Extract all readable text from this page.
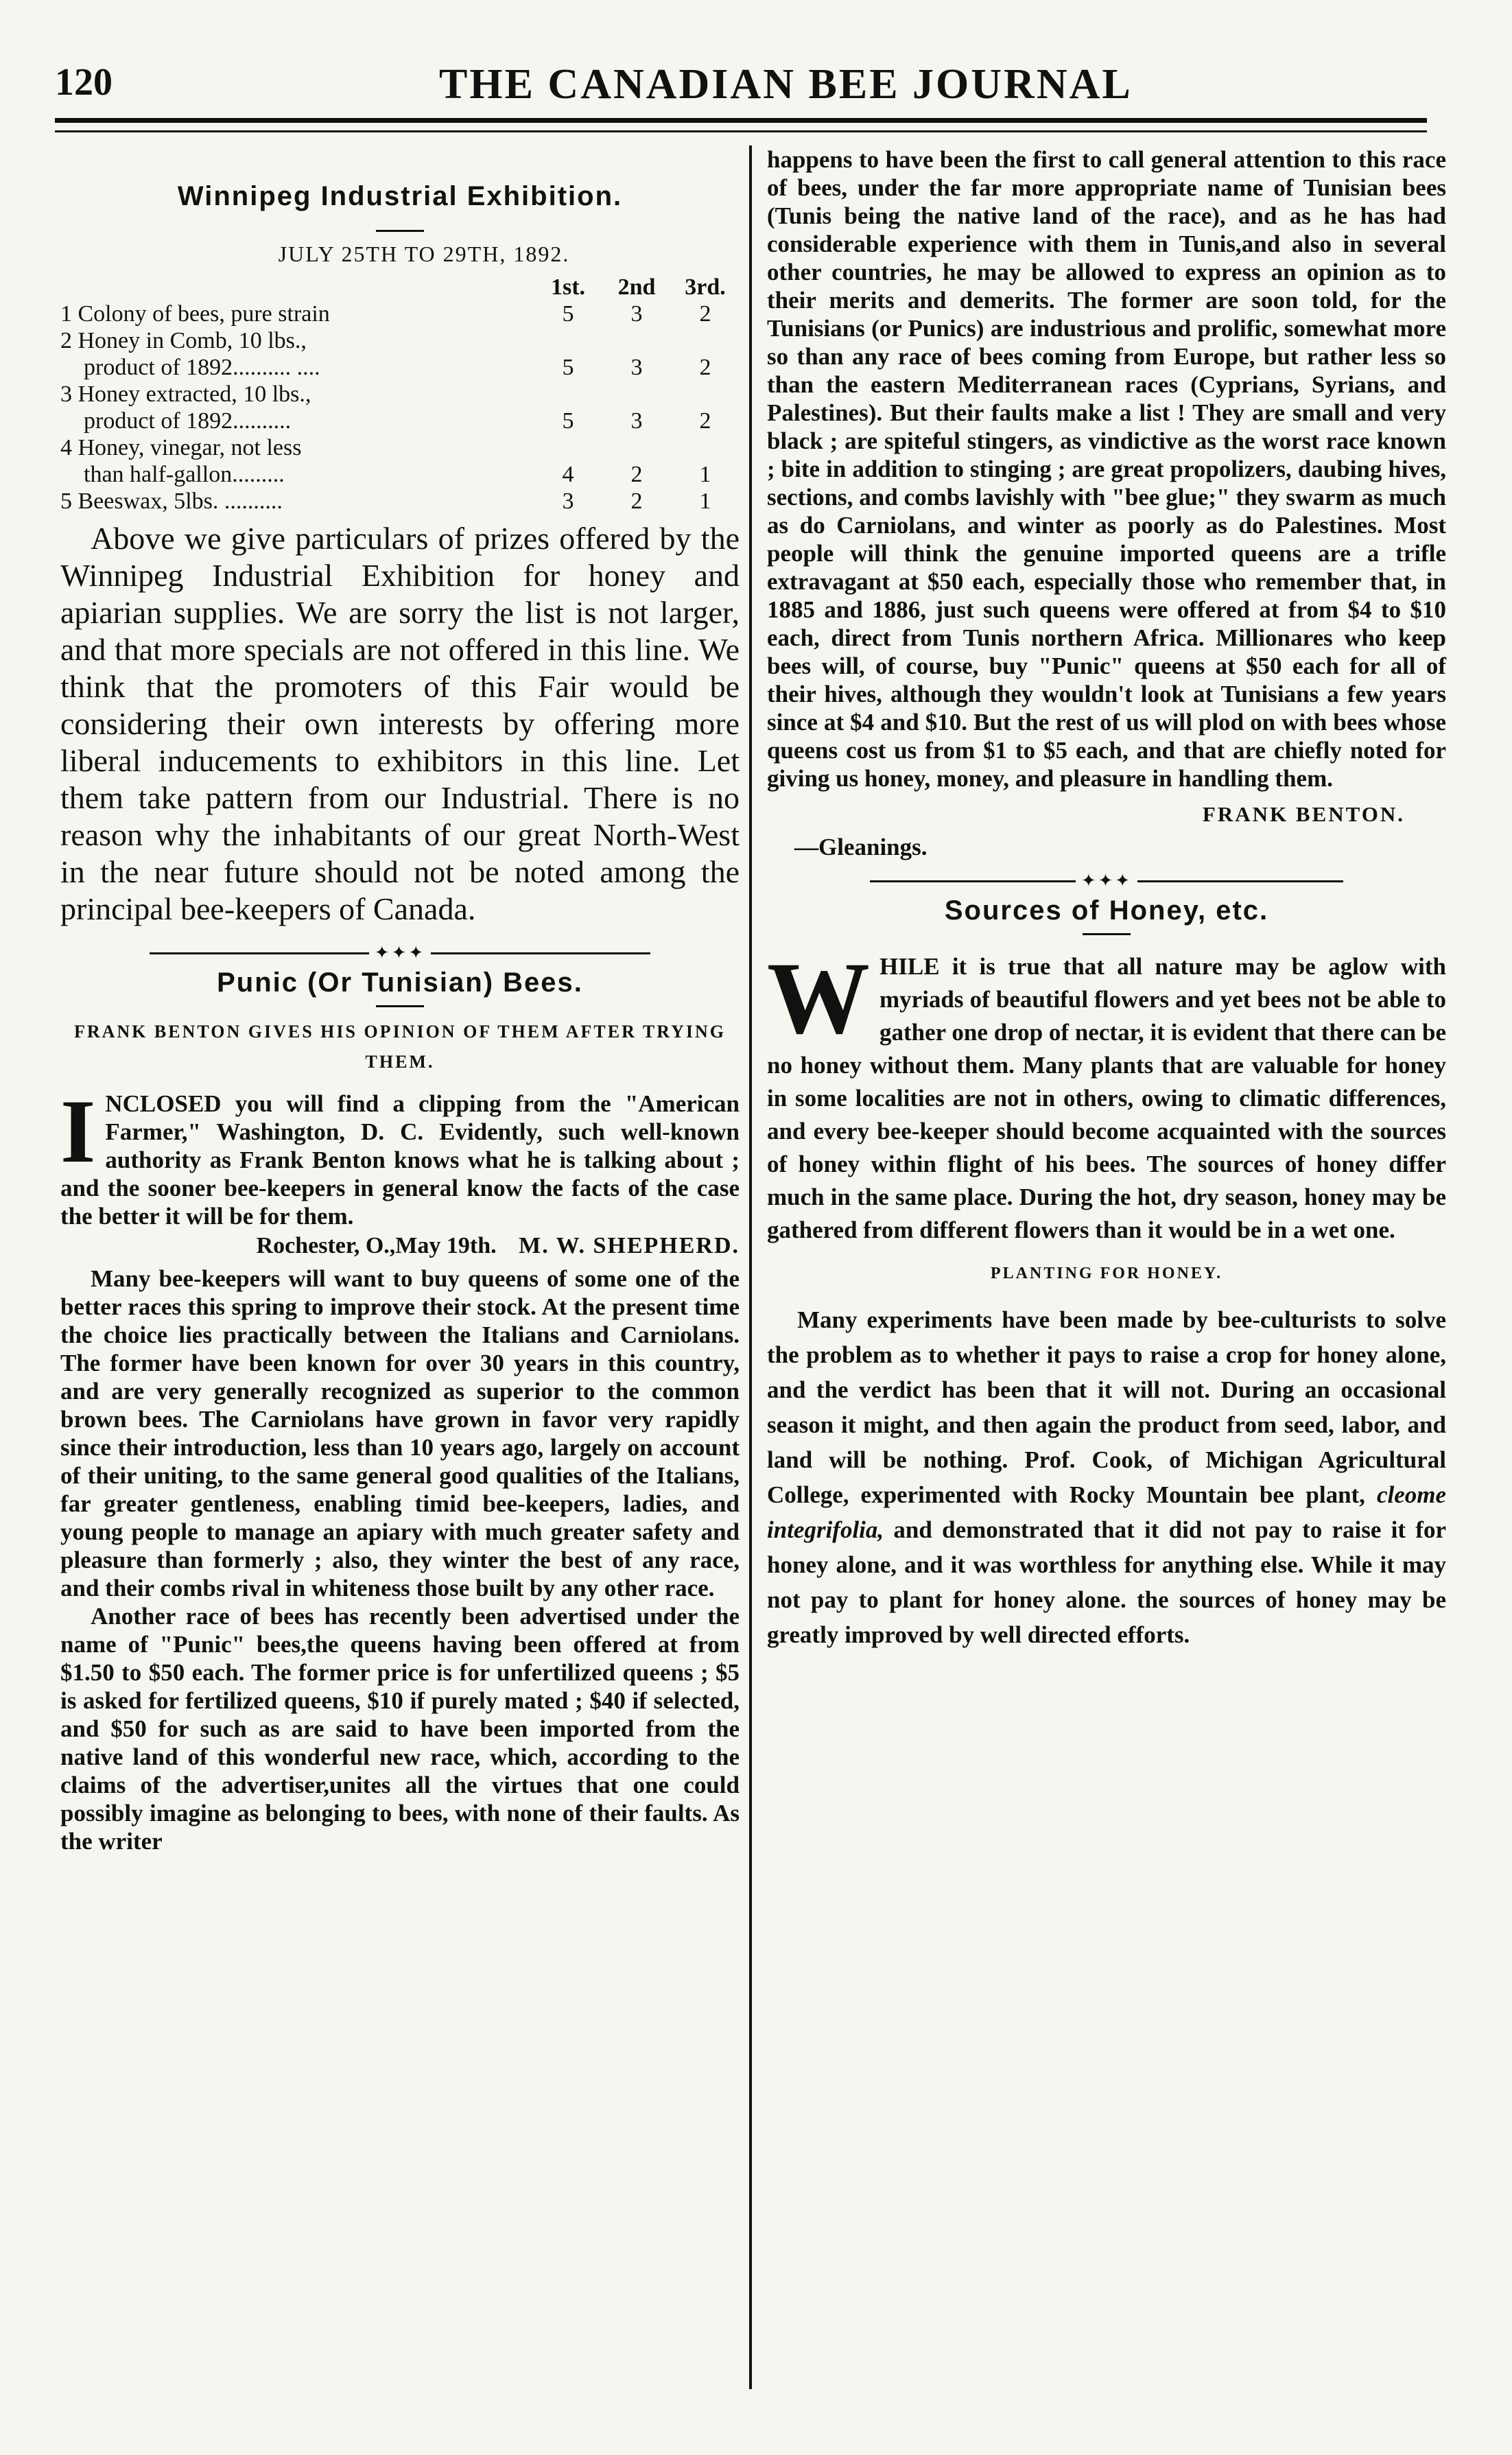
120	THE CANADIAN BEE JOURNAL
Winnipeg Industrial Exhibition.
JULY 25TH TO 29TH, 1892.
	1st.	2nd	3rd.
1 Colony of bees, pure strain	5	3	2
2 Honey in Comb, 10 lbs.,			
product of 1892.......... ....	5	3	2
3 Honey extracted, 10 lbs.,			
product of 1892..........	5	3	2
4 Honey, vinegar, not less			
than half-gallon.........	4	2	1
5 Beeswax, 5lbs. ..........	3	2	1

Above we give particulars of prizes offered by the Winnipeg Industrial Exhibition for honey and apiarian supplies. We are sorry the list is not larger, and that more specials are not offered in this line. We think that the promoters of this Fair would be considering their own interests by offering more liberal inducements to exhibitors in this line. Let them take pattern from our Industrial. There is no reason why the inhabitants of our great North-West in the near future should not be noted among the principal bee-keepers of Canada.

✦✦✦
Punic (Or Tunisian) Bees.
FRANK BENTON GIVES HIS OPINION OF THEM AFTER TRYING THEM.

INCLOSED you will find a clipping from the "American Farmer," Washington, D. C. Evidently, such well-known authority as Frank Benton knows what he is talking about ; and the sooner bee-keepers in general know the facts of the case the better it will be for them.

Rochester, O.,May 19th. M. W. SHEPHERD.

Many bee-keepers will want to buy queens of some one of the better races this spring to improve their stock. At the present time the choice lies practically between the Italians and Carniolans. The former have been known for over 30 years in this country, and are very generally recognized as superior to the common brown bees. The Carniolans have grown in favor very rapidly since their introduction, less than 10 years ago, largely on account of their uniting, to the same general good qualities of the Italians, far greater gentleness, enabling timid bee-keepers, ladies, and young people to manage an apiary with much greater safety and pleasure than formerly ; also, they winter the best of any race, and their combs rival in whiteness those built by any other race.

Another race of bees has recently been advertised under the name of "Punic" bees,the queens having been offered at from $1.50 to $50 each. The former price is for unfertilized queens ; $5 is asked for fertilized queens, $10 if purely mated ; $40 if selected, and $50 for such as are said to have been imported from the native land of this wonderful new race, which, according to the claims of the advertiser,unites all the virtues that one could possibly imagine as belonging to bees, with none of their faults. As the writer

happens to have been the first to call general attention to this race of bees, under the far more appropriate name of Tunisian bees (Tunis being the native land of the race), and as he has had considerable experience with them in Tunis,and also in several other countries, he may be allowed to express an opinion as to their merits and demerits. The former are soon told, for the Tunisians (or Punics) are industrious and prolific, somewhat more so than any race of bees coming from Europe, but rather less so than the eastern Mediterranean races (Cyprians, Syrians, and Palestines). But their faults make a list ! They are small and very black ; are spiteful stingers, as vindictive as the worst race known ; bite in addition to stinging ; are great propolizers, daubing hives, sections, and combs lavishly with "bee glue;" they swarm as much as do Carniolans, and winter as poorly as do Palestines. Most people will think the genuine imported queens are a trifle extravagant at $50 each, especially those who remember that, in 1885 and 1886, just such queens were offered at from $4 to $10 each, direct from Tunis northern Africa. Millionares who keep bees will, of course, buy "Punic" queens at $50 each for all of their hives, although they wouldn't look at Tunisians a few years since at $4 and $10. But the rest of us will plod on with bees whose queens cost us from $1 to $5 each, and that are chiefly noted for giving us honey, money, and pleasure in handling them.

FRANK BENTON.
—Gleanings.
✦✦✦
Sources of Honey, etc.

WHILE it is true that all nature may be aglow with myriads of beautiful flowers and yet bees not be able to gather one drop of nectar, it is evident that there can be no honey without them. Many plants that are valuable for honey in some localities are not in others, owing to climatic differences, and every bee-keeper should become acquainted with the sources of honey within flight of his bees. The sources of honey differ much in the same place. During the hot, dry season, honey may be gathered from different flowers than it would be in a wet one.

PLANTING FOR HONEY.

Many experiments have been made by bee-culturists to solve the problem as to whether it pays to raise a crop for honey alone, and the verdict has been that it will not. During an occasional season it might, and then again the product from seed, labor, and land will be nothing. Prof. Cook, of Michigan Agricultural College, experimented with Rocky Mountain bee plant, cleome integrifolia, and demonstrated that it did not pay to raise it for honey alone, and it was worthless for anything else. While it may not pay to plant for honey alone. the sources of honey may be greatly improved by well directed efforts.
